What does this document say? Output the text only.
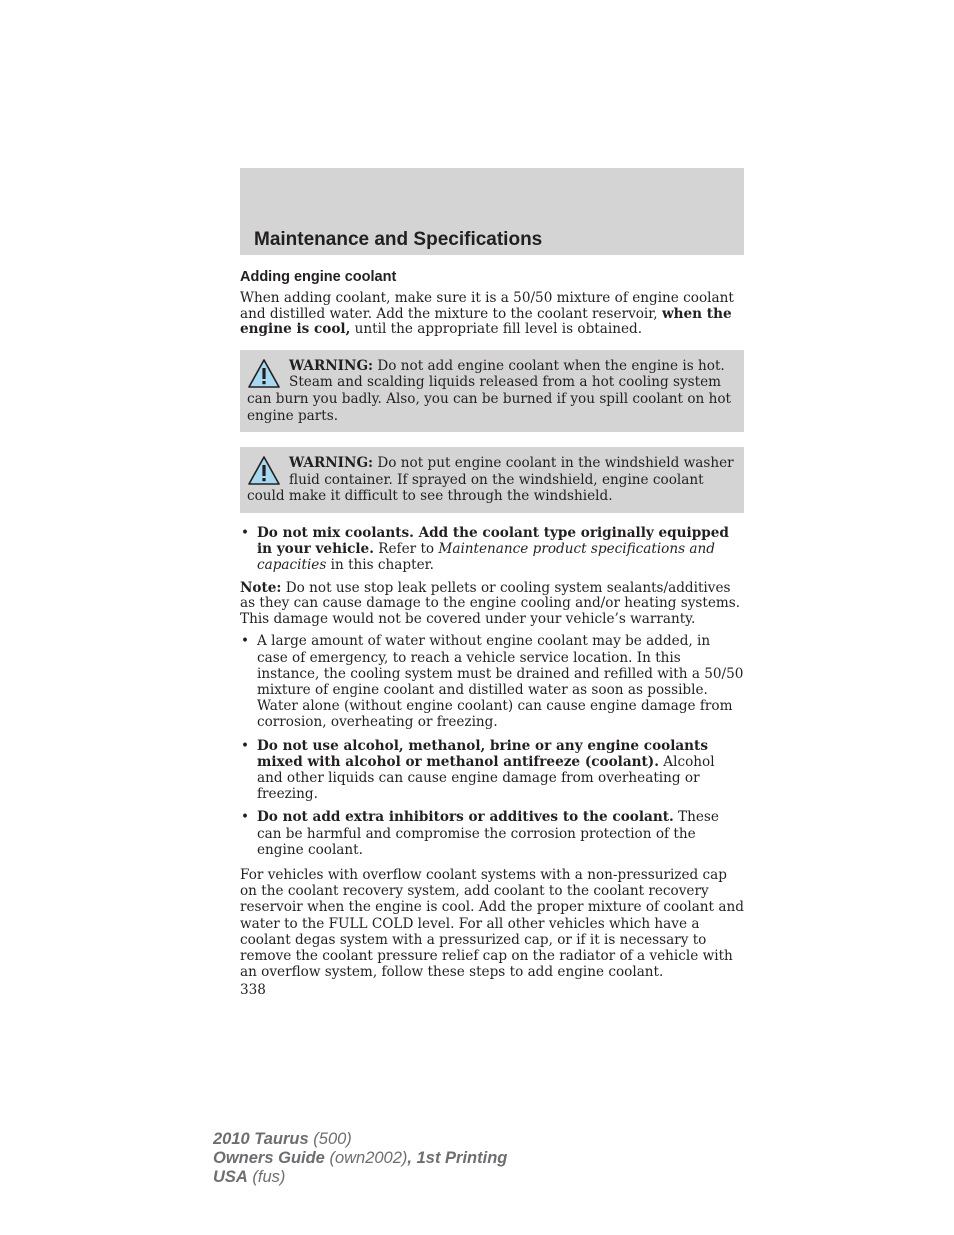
Maintenance and Specifications
Adding engine coolant

When adding coolant, make sure it is a 50/50 mixture of engine coolant and distilled water. Add the mixture to the coolant reservoir, when the engine is cool, until the appropriate fill level is obtained.

WARNING: Do not add engine coolant when the engine is hot. Steam and scalding liquids released from a hot cooling system can burn you badly. Also, you can be burned if you spill coolant on hot engine parts.
WARNING: Do not put engine coolant in the windshield washer fluid container. If sprayed on the windshield, engine coolant could make it difficult to see through the windshield.
• Do not mix coolants. Add the coolant type originally equipped in your vehicle. Refer to Maintenance product specifications and capacities in this chapter.

Note: Do not use stop leak pellets or cooling system sealants/additives as they can cause damage to the engine cooling and/or heating systems. This damage would not be covered under your vehicle’s warranty.

• A large amount of water without engine coolant may be added, in case of emergency, to reach a vehicle service location. In this instance, the cooling system must be drained and refilled with a 50/50 mixture of engine coolant and distilled water as soon as possible. Water alone (without engine coolant) can cause engine damage from corrosion, overheating or freezing.
• Do not use alcohol, methanol, brine or any engine coolants mixed with alcohol or methanol antifreeze (coolant). Alcohol and other liquids can cause engine damage from overheating or freezing.
• Do not add extra inhibitors or additives to the coolant. These can be harmful and compromise the corrosion protection of the engine coolant.

For vehicles with overflow coolant systems with a non-pressurized cap on the coolant recovery system, add coolant to the coolant recovery reservoir when the engine is cool. Add the proper mixture of coolant and water to the FULL COLD level. For all other vehicles which have a coolant degas system with a pressurized cap, or if it is necessary to remove the coolant pressure relief cap on the radiator of a vehicle with an overflow system, follow these steps to add engine coolant.

338
2010 Taurus (500)
Owners Guide (own2002), 1st Printing
USA (fus)
